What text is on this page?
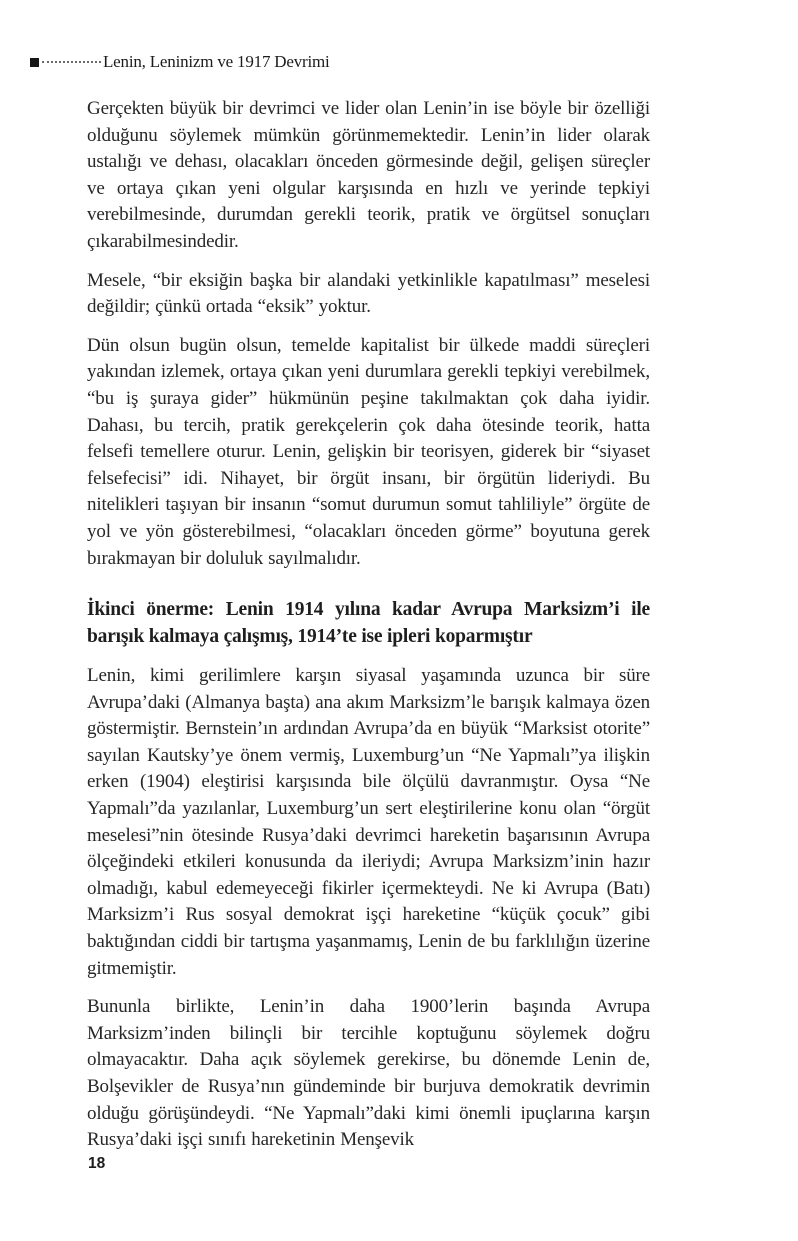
Lenin, Leninizm ve 1917 Devrimi

Gerçekten büyük bir devrimci ve lider olan Lenin’in ise böyle bir özelliği olduğunu söylemek mümkün görünmemektedir. Lenin’in lider olarak ustalığı ve dehası, olacakları önceden görmesinde değil, gelişen süreçler ve ortaya çıkan yeni olgular karşısında en hızlı ve yerinde tepkiyi verebilmesinde, durumdan gerekli teorik, pratik ve örgütsel sonuçları çıkarabilmesindedir.

Mesele, “bir eksiğin başka bir alandaki yetkinlikle kapatılması” meselesi değildir; çünkü ortada “eksik” yoktur.

Dün olsun bugün olsun, temelde kapitalist bir ülkede maddi süreçleri yakından izlemek, ortaya çıkan yeni durumlara gerekli tepkiyi verebilmek, “bu iş şuraya gider” hükmünün peşine takılmaktan çok daha iyidir. Dahası, bu tercih, pratik gerekçelerin çok daha ötesinde teorik, hatta felsefi temellere oturur. Lenin, gelişkin bir teorisyen, giderek bir “siyaset felsefecisi” idi. Nihayet, bir örgüt insanı, bir örgütün lideriydi. Bu nitelikleri taşıyan bir insanın “somut durumun somut tahliliyle” örgüte de yol ve yön gösterebilmesi, “olacakları önceden görme” boyutuna gerek bırakmayan bir doluluk sayılmalıdır.

İkinci önerme: Lenin 1914 yılına kadar Avrupa Marksizm’i ile barışık kalmaya çalışmış, 1914’te ise ipleri koparmıştır

Lenin, kimi gerilimlere karşın siyasal yaşamında uzunca bir süre Avrupa’daki (Almanya başta) ana akım Marksizm’le barışık kalmaya özen göstermiştir. Bernstein’ın ardından Avrupa’da en büyük “Marksist otorite” sayılan Kautsky’ye önem vermiş, Luxemburg’un “Ne Yapmalı”ya ilişkin erken (1904) eleştirisi karşısında bile ölçülü davranmıştır. Oysa “Ne Yapmalı”da yazılanlar, Luxemburg’un sert eleştirilerine konu olan “örgüt meselesi”nin ötesinde Rusya’daki devrimci hareketin başarısının Avrupa ölçeğindeki etkileri konusunda da ileriydi; Avrupa Marksizm’inin hazır olmadığı, kabul edemeyeceği fikirler içermekteydi. Ne ki Avrupa (Batı) Marksizm’i Rus sosyal demokrat işçi hareketine “küçük çocuk” gibi baktığından ciddi bir tartışma yaşanmamış, Lenin de bu farklılığın üzerine gitmemiştir.

Bununla birlikte, Lenin’in daha 1900’lerin başında Avrupa Marksizm’inden bilinçli bir tercihle koptuğunu söylemek doğru olmayacaktır. Daha açık söylemek gerekirse, bu dönemde Lenin de, Bolşevikler de Rusya’nın gündeminde bir burjuva demokratik devrimin olduğu görüşündeydi. “Ne Yapmalı”daki kimi önemli ipuçlarına karşın Rusya’daki işçi sınıfı hareketinin Menşevik

18
